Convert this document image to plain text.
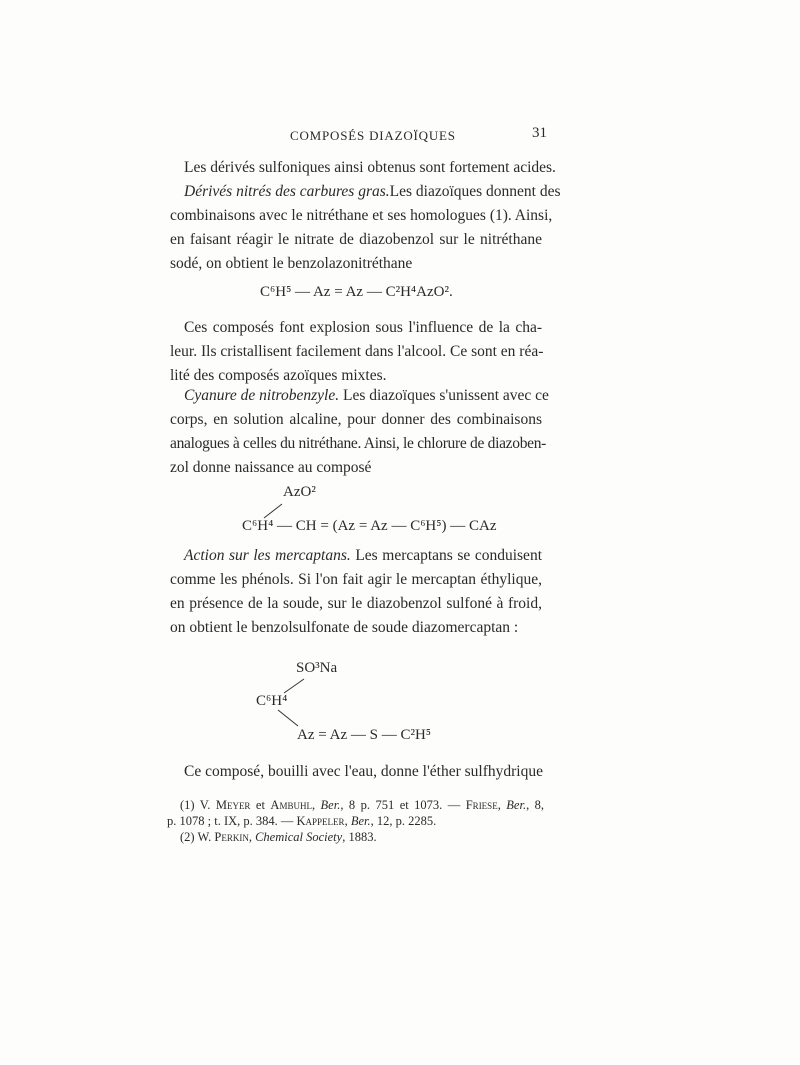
COMPOSÉS DIAZOÏQUES	31
Les dérivés sulfoniques ainsi obtenus sont fortement acides.
Dérivés nitrés des carbures gras.Les diazoïques donnent des
combinaisons avec le nitréthane et ses homologues (1). Ainsi,
en faisant réagir le nitrate de diazobenzol sur le nitréthane
sodé, on obtient le benzolazonitréthane
C⁶H⁵ — Az = Az — C²H⁴AzO².
Ces composés font explosion sous l'influence de la cha-
leur. Ils cristallisent facilement dans l'alcool. Ce sont en réa-
lité des composés azoïques mixtes.
Cyanure de nitrobenzyle. Les diazoïques s'unissent avec ce
corps, en solution alcaline, pour donner des combinaisons
analogues à celles du nitréthane. Ainsi, le chlorure de diazoben-
zol donne naissance au composé
AzO²
C⁶H⁴ — CH = (Az = Az — C⁶H⁵) — CAz
Action sur les mercaptans. Les mercaptans se conduisent
comme les phénols. Si l'on fait agir le mercaptan éthylique,
en présence de la soude, sur le diazobenzol sulfoné à froid,
on obtient le benzolsulfonate de soude diazomercaptan :
SO³Na
C⁶H⁴
Az = Az — S — C²H⁵
Ce composé, bouilli avec l'eau, donne l'éther sulfhydrique
(1) V. Meyer et Ambuhl, Ber., 8 p. 751 et 1073. — Friese, Ber., 8,
p. 1078 ; t. IX, p. 384. — Kappeler, Ber., 12, p. 2285.
(2) W. Perkin, Chemical Society, 1883.
